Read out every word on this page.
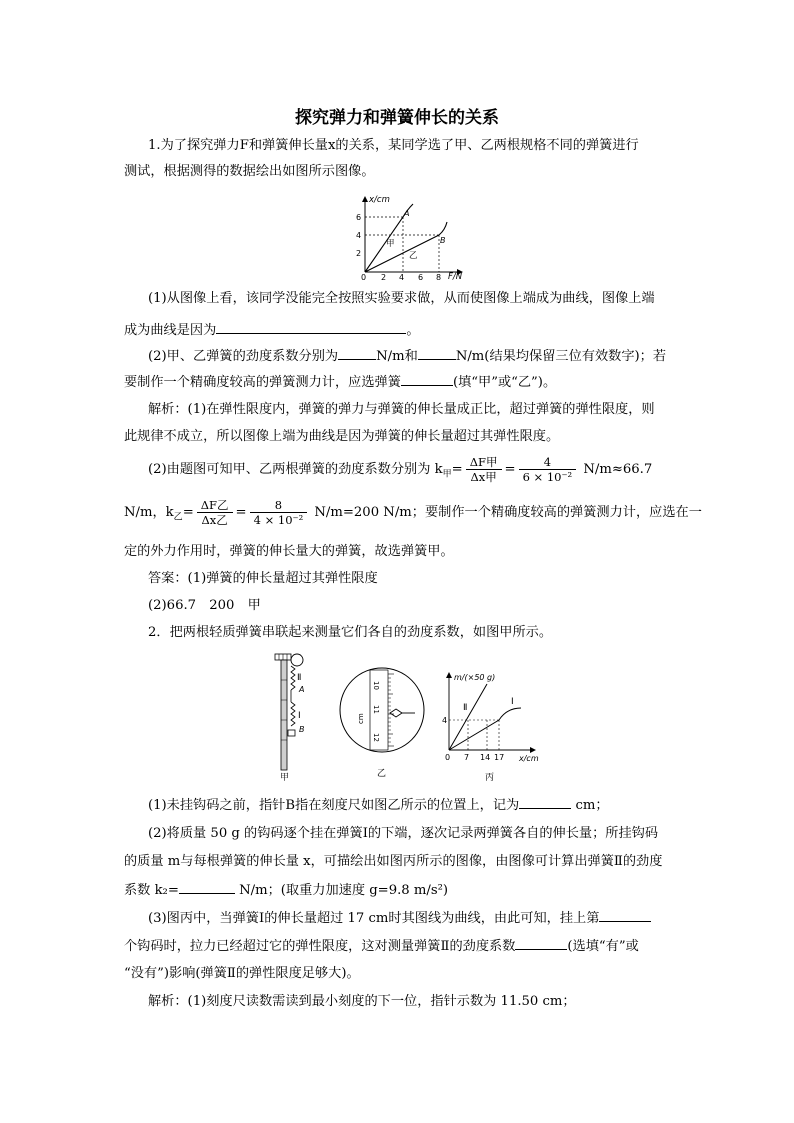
探究弹力和弹簧伸长的关系
1.为了探究弹力F和弹簧伸长量x的关系，某同学选了甲、乙两根规格不同的弹簧进行
测试，根据测得的数据绘出如图所示图像。
x/cm
F/N
2
4
6
0 2 4 6 8
A
B
甲
乙
(1)从图像上看，该同学没能完全按照实验要求做，从而使图像上端成为曲线，图像上端
成为曲线是因为	。
(2)甲、乙弹簧的劲度系数分别为	N/m和	N/m(结果均保留三位有效数字)；若
要制作一个精确度较高的弹簧测力计，应选弹簧	(填“甲”或“乙”)。
解析：(1)在弹性限度内，弹簧的弹力与弹簧的伸长量成正比，超过弹簧的弹性限度，则
此规律不成立，所以图像上端为曲线是因为弹簧的伸长量超过其弹性限度。
(2)由题图可知甲、乙两根弹簧的劲度系数分别为 $k_甲= \frac{\text{ΔF甲}}{\text{Δx甲}} = \frac{4}{\text{6 × 10⁻²}} N/m\approx 66.7$
N/m，$k_乙= \frac{\text{ΔF乙}}{\text{Δx乙}} = \frac{8}{\text{4 × 10⁻²}} N/m=200$ N/m；要制作一个精确度较高的弹簧测力计，应选在一
定的外力作用时，弹簧的伸长量大的弹簧，故选弹簧甲。
答案：(1)弹簧的伸长量超过其弹性限度
(2)66.7　200　甲
2．把两根轻质弹簧串联起来测量它们各自的劲度系数，如图甲所示。
Ⅱ
A
Ⅰ
B
甲
10
11
12
cm
乙
m/(×50 g)
x/cm
4
0 7 14 17
Ⅱ
Ⅰ
丙
(1)未挂钩码之前，指针B指在刻度尺如图乙所示的位置上，记为	cm；
(2)将质量 50 g 的钩码逐个挂在弹簧Ⅰ的下端，逐次记录两弹簧各自的伸长量；所挂钩码
的质量 m与每根弹簧的伸长量 x，可描绘出如图丙所示的图像，由图像可计算出弹簧Ⅱ的劲度
系数 k₂=	N/m；(取重力加速度 g=9.8 m/s²)
(3)图丙中，当弹簧Ⅰ的伸长量超过 17 cm时其图线为曲线，由此可知，挂上第
个钩码时，拉力已经超过它的弹性限度，这对测量弹簧Ⅱ的劲度系数	(选填“有”或
“没有”)影响(弹簧Ⅱ的弹性限度足够大)。
解析：(1)刻度尺读数需读到最小刻度的下一位，指针示数为 11.50 cm；
